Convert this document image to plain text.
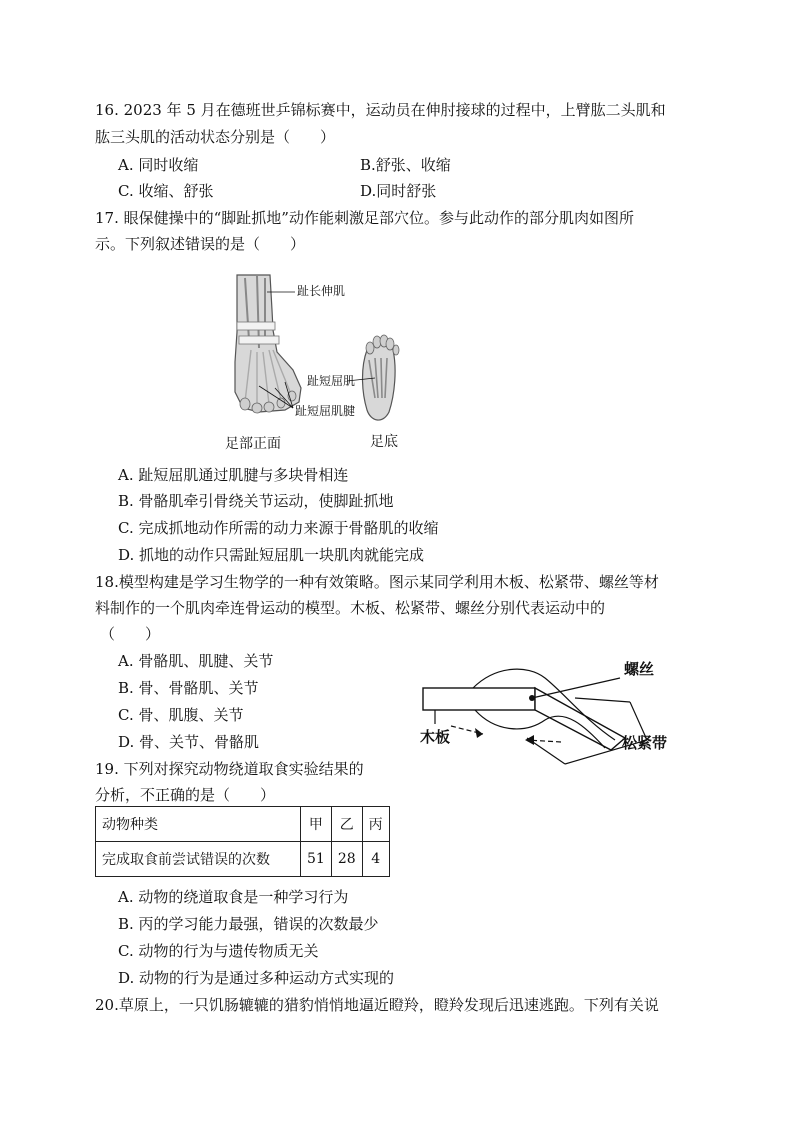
16. 2023 年 5 月在德班世乒锦标赛中，运动员在伸肘接球的过程中，上臂肱二头肌和
肱三头肌的活动状态分别是（　　）
A. 同时收缩	B.舒张、收缩
C. 收缩、舒张	D.同时舒张
17. 眼保健操中的“脚趾抓地”动作能刺激足部穴位。参与此动作的部分肌肉如图所
示。下列叙述错误的是（　　）
趾长伸肌
趾短屈肌
趾短屈肌腱
足部正面	足底
A. 趾短屈肌通过肌腱与多块骨相连
B. 骨骼肌牵引骨绕关节运动，使脚趾抓地
C. 完成抓地动作所需的动力来源于骨骼肌的收缩
D. 抓地的动作只需趾短屈肌一块肌肉就能完成
18.模型构建是学习生物学的一种有效策略。图示某同学利用木板、松紧带、螺丝等材
料制作的一个肌肉牵连骨运动的模型。木板、松紧带、螺丝分别代表运动中的
（　　）
A. 骨骼肌、肌腱、关节
B. 骨、骨骼肌、关节
C. 骨、肌腹、关节
D. 骨、关节、骨骼肌
螺丝
木板	松紧带
19. 下列对探究动物绕道取食实验结果的
分析，不正确的是（　　）
动物种类	甲	乙	丙
完成取食前尝试错误的次数	51	28	4
A. 动物的绕道取食是一种学习行为
B. 丙的学习能力最强，错误的次数最少
C. 动物的行为与遗传物质无关
D. 动物的行为是通过多种运动方式实现的
20.草原上，一只饥肠辘辘的猎豹悄悄地逼近瞪羚，瞪羚发现后迅速逃跑。下列有关说
